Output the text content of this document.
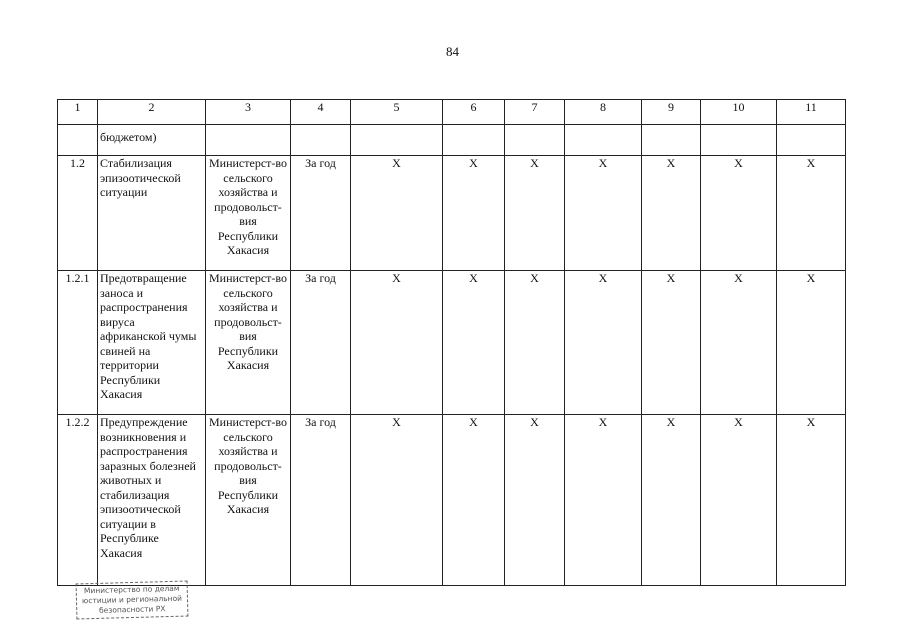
84
1	2	3	4	5	6	7	8	9	10	11
	бюджетом)									
1.2	Стабилизация эпизоотической ситуации	Министерст-во сельского хозяйства и продовольст-вия Республики Хакасия	За год	Х	Х	Х	Х	Х	Х	Х
1.2.1	Предотвращение заноса и распространения вируса африканской чумы свиней на территории Республики Хакасия	Министерст-во сельского хозяйства и продовольст-вия Республики Хакасия	За год	Х	Х	Х	Х	Х	Х	Х
1.2.2	Предупреждение возникновения и распространения заразных болезней животных и стабилизация эпизоотической ситуации в Республике Хакасия	Министерст-во сельского хозяйства и продовольст-вия Республики Хакасия	За год	Х	Х	Х	Х	Х	Х	Х
Министерство по делам
юстиции и региональной
безопасности РХ
